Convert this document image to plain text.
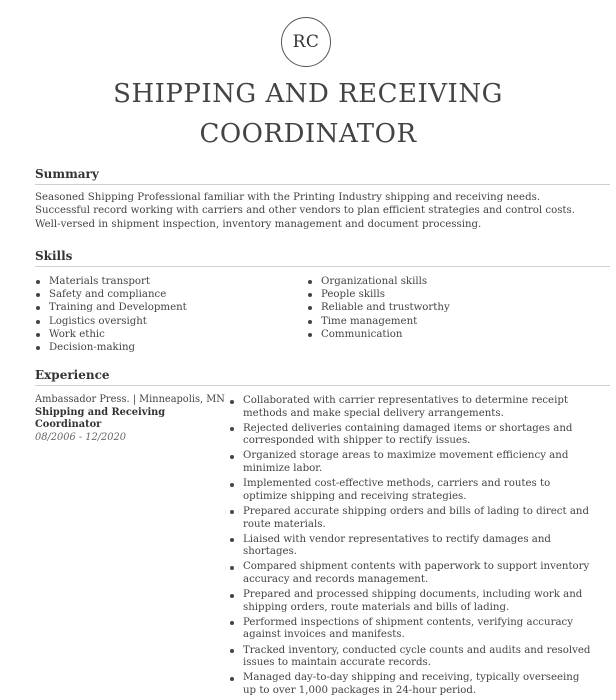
RC
SHIPPING AND RECEIVING
COORDINATOR
Summary
Seasoned Shipping Professional familiar with the Printing Industry shipping and receiving needs. Successful record working with carriers and other vendors to plan efficient strategies and control costs. Well-versed in shipment inspection, inventory management and document processing.
Skills
Materials transport
Safety and compliance
Training and Development
Logistics oversight
Work ethic
Decision-making
Organizational skills
People skills
Reliable and trustworthy
Time management
Communication
Experience
Ambassador Press. | Minneapolis, MN
Shipping and Receiving Coordinator
08/2006 - 12/2020
Collaborated with carrier representatives to determine receipt methods and make special delivery arrangements.
Rejected deliveries containing damaged items or shortages and corresponded with shipper to rectify issues.
Organized storage areas to maximize movement efficiency and minimize labor.
Implemented cost-effective methods, carriers and routes to optimize shipping and receiving strategies.
Prepared accurate shipping orders and bills of lading to direct and route materials.
Liaised with vendor representatives to rectify damages and shortages.
Compared shipment contents with paperwork to support inventory accuracy and records management.
Prepared and processed shipping documents, including work and shipping orders, route materials and bills of lading.
Performed inspections of shipment contents, verifying accuracy against invoices and manifests.
Tracked inventory, conducted cycle counts and audits and resolved issues to maintain accurate records.
Managed day-to-day shipping and receiving, typically overseeing up to over 1,000 packages in 24-hour period.
